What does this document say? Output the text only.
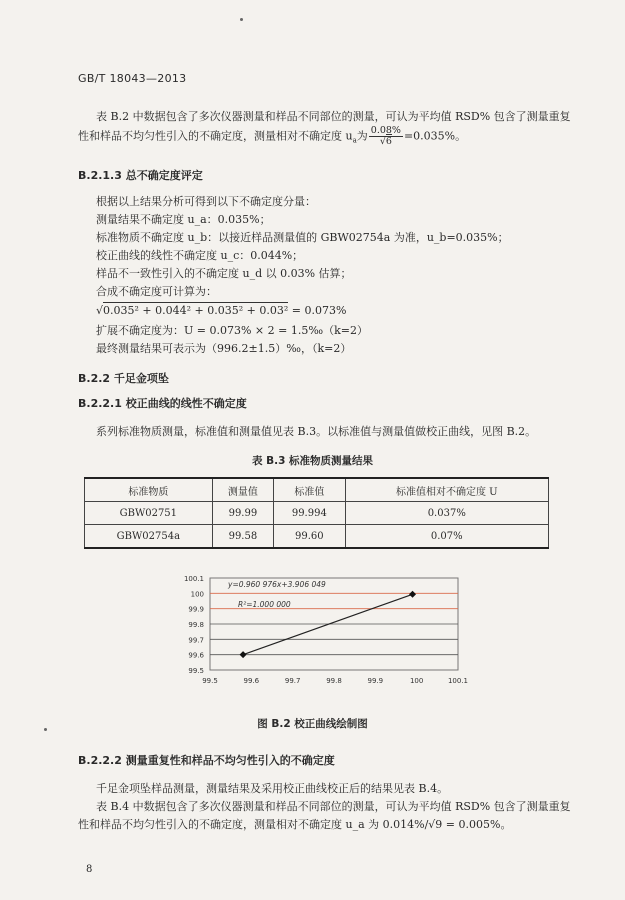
GB/T 18043—2013
表 B.2 中数据包含了多次仪器测量和样品不同部位的测量，可认为平均值 RSD% 包含了测量重复
性和样品不均匀性引入的不确定度，测量相对不确定度 $u_a$为 $\frac{0.08\%}{√6} =0.035\%$。
B.2.1.3 总不确定度评定
根据以上结果分析可得到以下不确定度分量：
测量结果不确定度 u_a：0.035%；
标准物质不确定度 u_b：以接近样品测量值的 GBW02754a 为准，u_b=0.035%；
校正曲线的线性不确定度 u_c：0.044%；
样品不一致性引入的不确定度 u_d 以 0.03% 估算；
合成不确定度可计算为：
√0.035² + 0.044² + 0.035² + 0.03² = 0.073%
扩展不确定度为：U = 0.073% × 2 = 1.5‰（k=2）
最终测量结果可表示为（996.2±1.5）‰，（k=2）
B.2.2 千足金项坠
B.2.2.1 校正曲线的线性不确定度
系列标准物质测量，标准值和测量值见表 B.3。以标准值与测量值做校正曲线，见图 B.2。
表 B.3 标准物质测量结果
标准物质	测量值	标准值	标准值相对不确定度 U
GBW02751	99.99	99.994	0.037%
GBW02754a	99.58	99.60	0.07%
99.5
99.6
99.7
99.8
99.9
100
100.1
99.5	99.6	99.7	99.8	99.9	100	100.1
y=0.960 976x+3.906 049
R²=1.000 000
图 B.2 校正曲线绘制图
B.2.2.2 测量重复性和样品不均匀性引入的不确定度
千足金项坠样品测量，测量结果及采用校正曲线校正后的结果见表 B.4。
表 B.4 中数据包含了多次仪器测量和样品不同部位的测量，可认为平均值 RSD% 包含了测量重复
性和样品不均匀性引入的不确定度，测量相对不确定度 u_a 为 0.014%/√9 = 0.005%。
8
